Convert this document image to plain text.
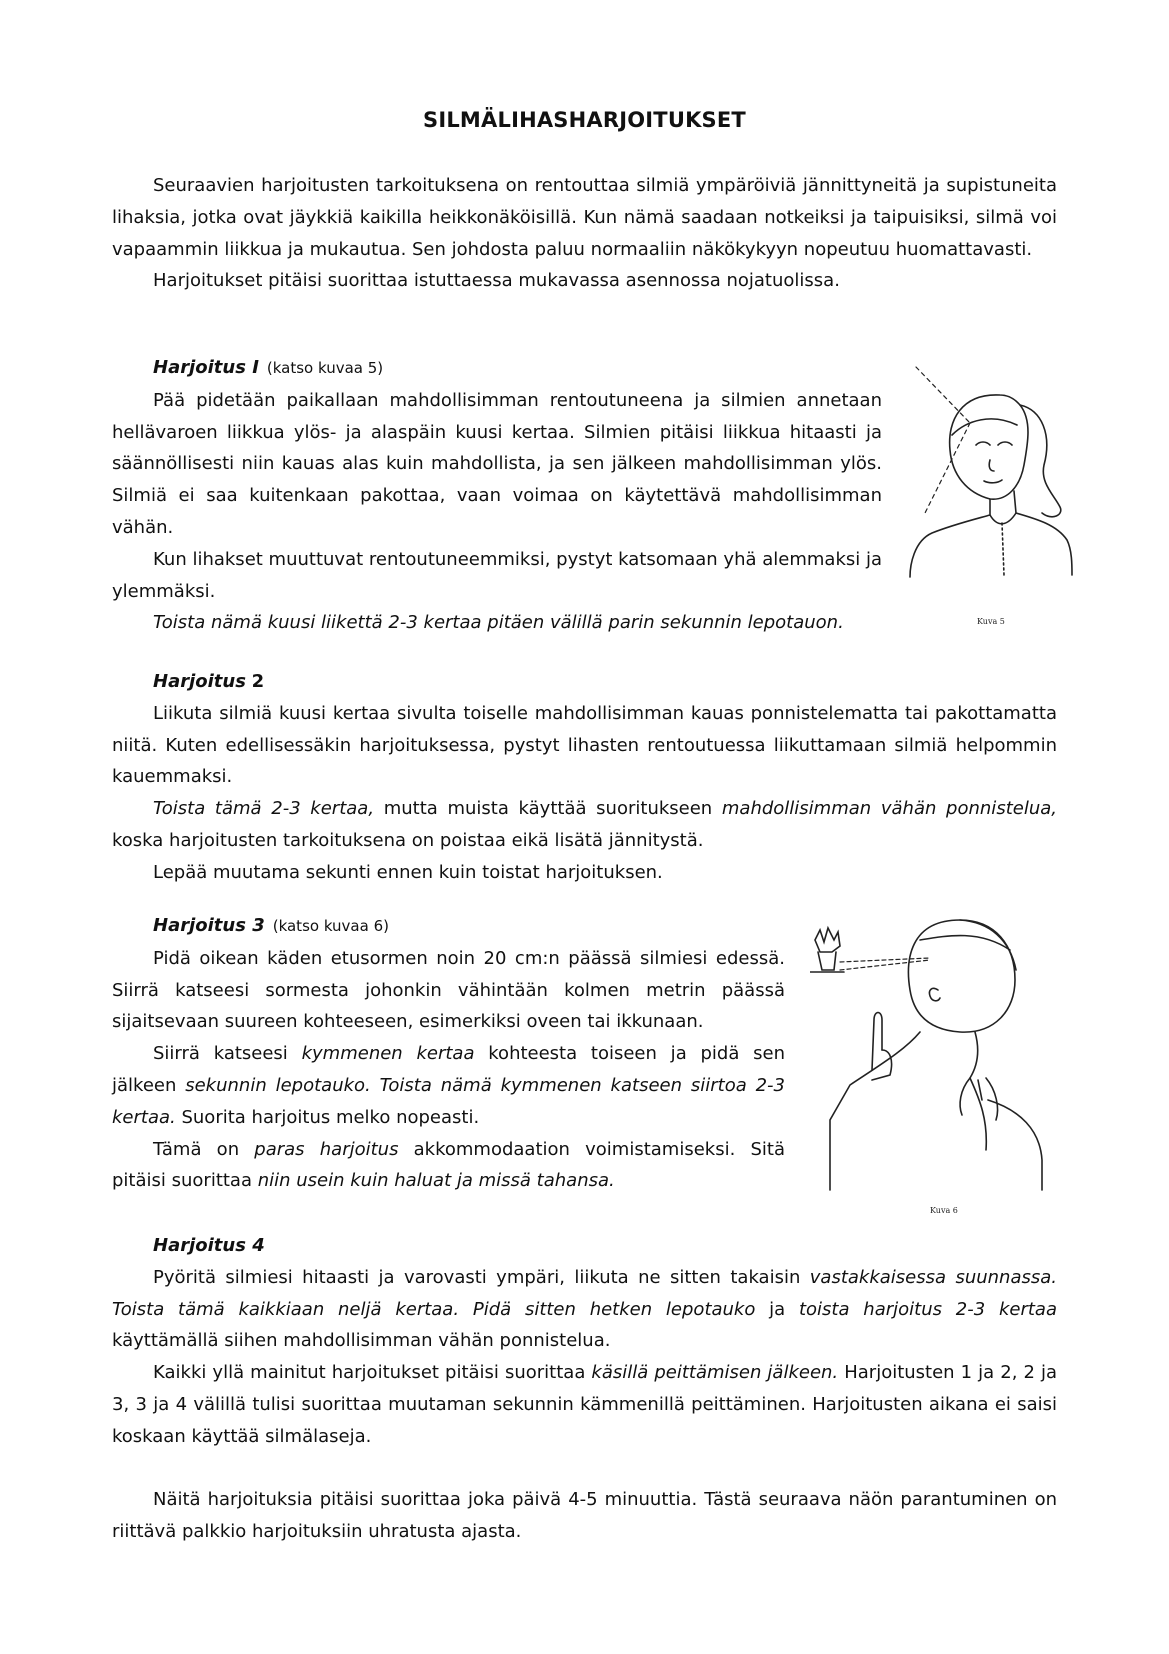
SILMÄLIHASHARJOITUKSET

Seuraavien harjoitusten tarkoituksena on rentouttaa silmiä ympäröiviä jännittyneitä ja supistuneita lihaksia, jotka ovat jäykkiä kaikilla heikkonäköisillä. Kun nämä saadaan notkeiksi ja taipuisiksi, silmä voi vapaammin liikkua ja mukautua. Sen johdosta paluu normaaliin näkökykyyn nopeutuu huomattavasti.

Harjoitukset pitäisi suorittaa istuttaessa mukavassa asennossa nojatuolissa.

Harjoitus I (katso kuvaa 5)

Pää pidetään paikallaan mahdollisimman rentoutuneena ja silmien annetaan hellävaroen liikkua ylös- ja alaspäin kuusi kertaa. Silmien pitäisi liikkua hitaasti ja säännöllisesti niin kauas alas kuin mahdollista, ja sen jälkeen mahdollisimman ylös. Silmiä ei saa kuitenkaan pakottaa, vaan voimaa on käytettävä mahdollisimman vähän.

Kun lihakset muuttuvat rentoutuneemmiksi, pystyt katsomaan yhä alemmaksi ja ylemmäksi.

Toista nämä kuusi liikettä 2-3 kertaa pitäen välillä parin sekunnin lepotauon.	Kuva 5

Harjoitus 2

Liikuta silmiä kuusi kertaa sivulta toiselle mahdollisimman kauas ponnistelematta tai pakottamatta niitä. Kuten edellisessäkin harjoituksessa, pystyt lihasten rentoutuessa liikuttamaan silmiä helpommin kauemmaksi.

Toista tämä 2-3 kertaa, mutta muista käyttää suoritukseen mahdollisimman vähän ponnistelua, koska harjoitusten tarkoituksena on poistaa eikä lisätä jännitystä.

Lepää muutama sekunti ennen kuin toistat harjoituksen.

Harjoitus 3 (katso kuvaa 6)

Pidä oikean käden etusormen noin 20 cm:n päässä silmiesi edessä. Siirrä katseesi sormesta johonkin vähintään kolmen metrin päässä sijaitsevaan suureen kohteeseen, esimerkiksi oveen tai ikkunaan.

Siirrä katseesi kymmenen kertaa kohteesta toiseen ja pidä sen jälkeen sekunnin lepotauko. Toista nämä kymmenen katseen siirtoa 2-3 kertaa. Suorita harjoitus melko nopeasti.

Tämä on paras harjoitus akkommodaation voimistamiseksi. Sitä pitäisi suorittaa niin usein kuin haluat ja missä tahansa.

Kuva 6

Harjoitus 4

Pyöritä silmiesi hitaasti ja varovasti ympäri, liikuta ne sitten takaisin vastakkaisessa suunnassa. Toista tämä kaikkiaan neljä kertaa. Pidä sitten hetken lepotauko ja toista harjoitus 2-3 kertaa käyttämällä siihen mahdollisimman vähän ponnistelua.

Kaikki yllä mainitut harjoitukset pitäisi suorittaa käsillä peittämisen jälkeen. Harjoitusten 1 ja 2, 2 ja 3, 3 ja 4 välillä tulisi suorittaa muutaman sekunnin kämmenillä peittäminen. Harjoitusten aikana ei saisi koskaan käyttää silmälaseja.

Näitä harjoituksia pitäisi suorittaa joka päivä 4-5 minuuttia. Tästä seuraava näön parantuminen on riittävä palkkio harjoituksiin uhratusta ajasta.
